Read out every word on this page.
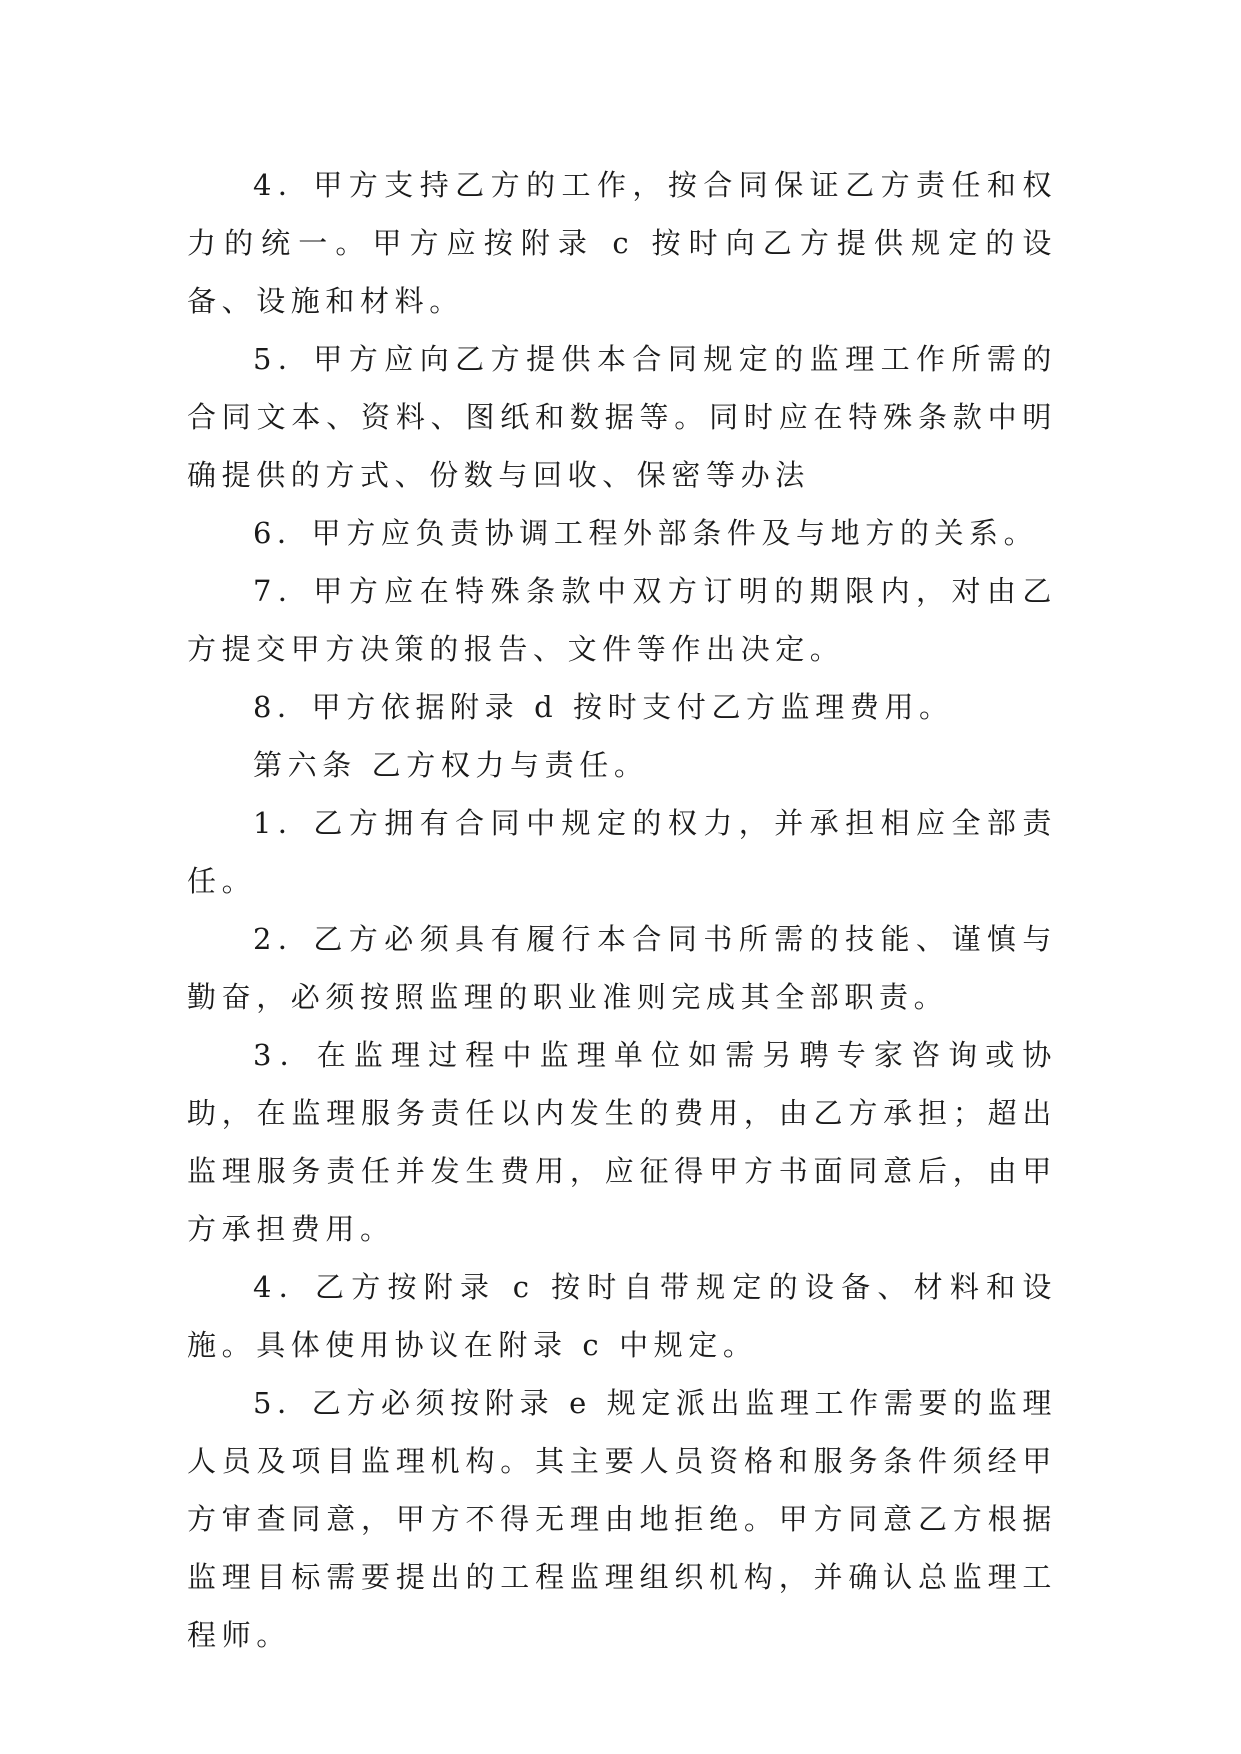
4．甲方支持乙方的工作，按合同保证乙方责任和权力的统一。甲方应按附录 c 按时向乙方提供规定的设备、设施和材料。

5．甲方应向乙方提供本合同规定的监理工作所需的合同文本、资料、图纸和数据等。同时应在特殊条款中明确提供的方式、份数与回收、保密等办法

6．甲方应负责协调工程外部条件及与地方的关系。

7．甲方应在特殊条款中双方订明的期限内，对由乙方提交甲方决策的报告、文件等作出决定。

8．甲方依据附录 d 按时支付乙方监理费用。

第六条 乙方权力与责任。

1．乙方拥有合同中规定的权力，并承担相应全部责任。

2．乙方必须具有履行本合同书所需的技能、谨慎与勤奋，必须按照监理的职业准则完成其全部职责。

3．在监理过程中监理单位如需另聘专家咨询或协助，在监理服务责任以内发生的费用，由乙方承担；超出监理服务责任并发生费用，应征得甲方书面同意后，由甲方承担费用。

4．乙方按附录 c 按时自带规定的设备、材料和设施。具体使用协议在附录 c 中规定。

5．乙方必须按附录 e 规定派出监理工作需要的监理人员及项目监理机构。其主要人员资格和服务条件须经甲方审查同意，甲方不得无理由地拒绝。甲方同意乙方根据监理目标需要提出的工程监理组织机构，并确认总监理工程师。
